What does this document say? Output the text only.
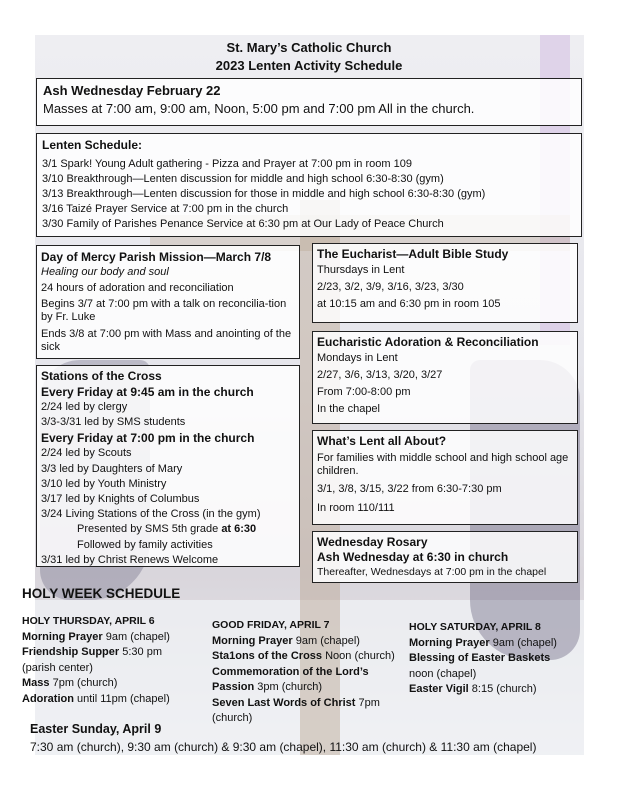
St. Mary’s Catholic Church
2023 Lenten Activity Schedule
Ash Wednesday February 22
Masses at 7:00 am, 9:00 am, Noon, 5:00 pm and 7:00 pm All in the church.
Lenten Schedule:
3/1 Spark! Young Adult gathering - Pizza and Prayer at 7:00 pm in room 109
3/10 Breakthrough—Lenten discussion for middle and high school 6:30-8:30 (gym)
3/13 Breakthrough—Lenten discussion for those in middle and high school 6:30-8:30 (gym)
3/16 Taizé Prayer Service at 7:00 pm in the church
3/30 Family of Parishes Penance Service at 6:30 pm at Our Lady of Peace Church
Day of Mercy Parish Mission—March 7/8
Healing our body and soul
24 hours of adoration and reconciliation
Begins 3/7 at 7:00 pm with a talk on reconcilia-tion by Fr. Luke
Ends 3/8 at 7:00 pm with Mass and anointing of the sick
The Eucharist—Adult Bible Study
Thursdays in Lent
2/23, 3/2, 3/9, 3/16, 3/23, 3/30
at 10:15 am and 6:30 pm in room 105
Eucharistic Adoration & Reconciliation
Mondays in Lent
2/27, 3/6, 3/13, 3/20, 3/27
From 7:00-8:00 pm
In the chapel
Stations of the Cross
Every Friday at 9:45 am in the church
2/24 led by clergy
3/3-3/31 led by SMS students
Every Friday at 7:00 pm in the church
2/24 led by Scouts
3/3 led by Daughters of Mary
3/10 led by Youth Ministry
3/17 led by Knights of Columbus
3/24 Living Stations of the Cross (in the gym)
Presented by SMS 5th grade at 6:30
Followed by family activities
3/31 led by Christ Renews Welcome
What’s Lent all About?
For families with middle school and high school age children.
3/1, 3/8, 3/15, 3/22 from 6:30-7:30 pm
In room 110/111
Wednesday Rosary
Ash Wednesday at 6:30 in church
Thereafter, Wednesdays at 7:00 pm in the chapel
HOLY WEEK SCHEDULE
HOLY THURSDAY, APRIL 6
Morning Prayer 9am (chapel)
Friendship Supper 5:30 pm
(parish center)
Mass 7pm (church)
Adoration until 11pm (chapel)
GOOD FRIDAY, APRIL 7
Morning Prayer 9am (chapel)
Sta1ons of the Cross Noon (church)
Commemoration of the Lord’s
Passion 3pm (church)
Seven Last Words of Christ 7pm
(church)
HOLY SATURDAY, APRIL 8
Morning Prayer 9am (chapel)
Blessing of Easter Baskets
noon (chapel)
Easter Vigil 8:15 (church)
Easter Sunday, April 9
7:30 am (church), 9:30 am (church) & 9:30 am (chapel), 11:30 am (church) & 11:30 am (chapel)
